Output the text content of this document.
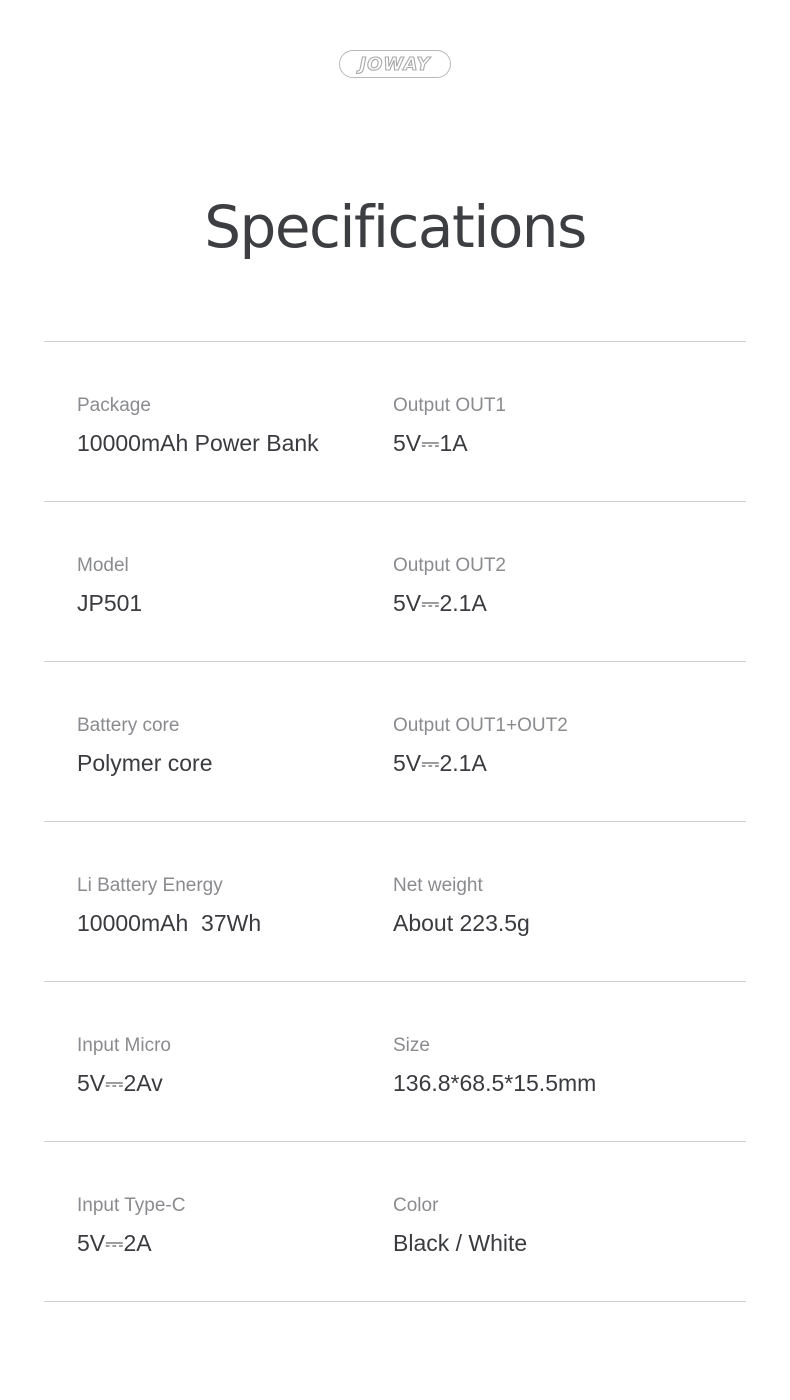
JOWAY
Specifications
Package
10000mAh Power Bank
Output OUT1
5V⎓1A
Model
JP501
Output OUT2
5V⎓2.1A
Battery core
Polymer core
Output OUT1+OUT2
5V⎓2.1A
Li Battery Energy
10000mAh  37Wh
Net weight
About 223.5g
Input Micro
5V⎓2Av
Size
136.8*68.5*15.5mm
Input Type-C
5V⎓2A
Color
Black / White
